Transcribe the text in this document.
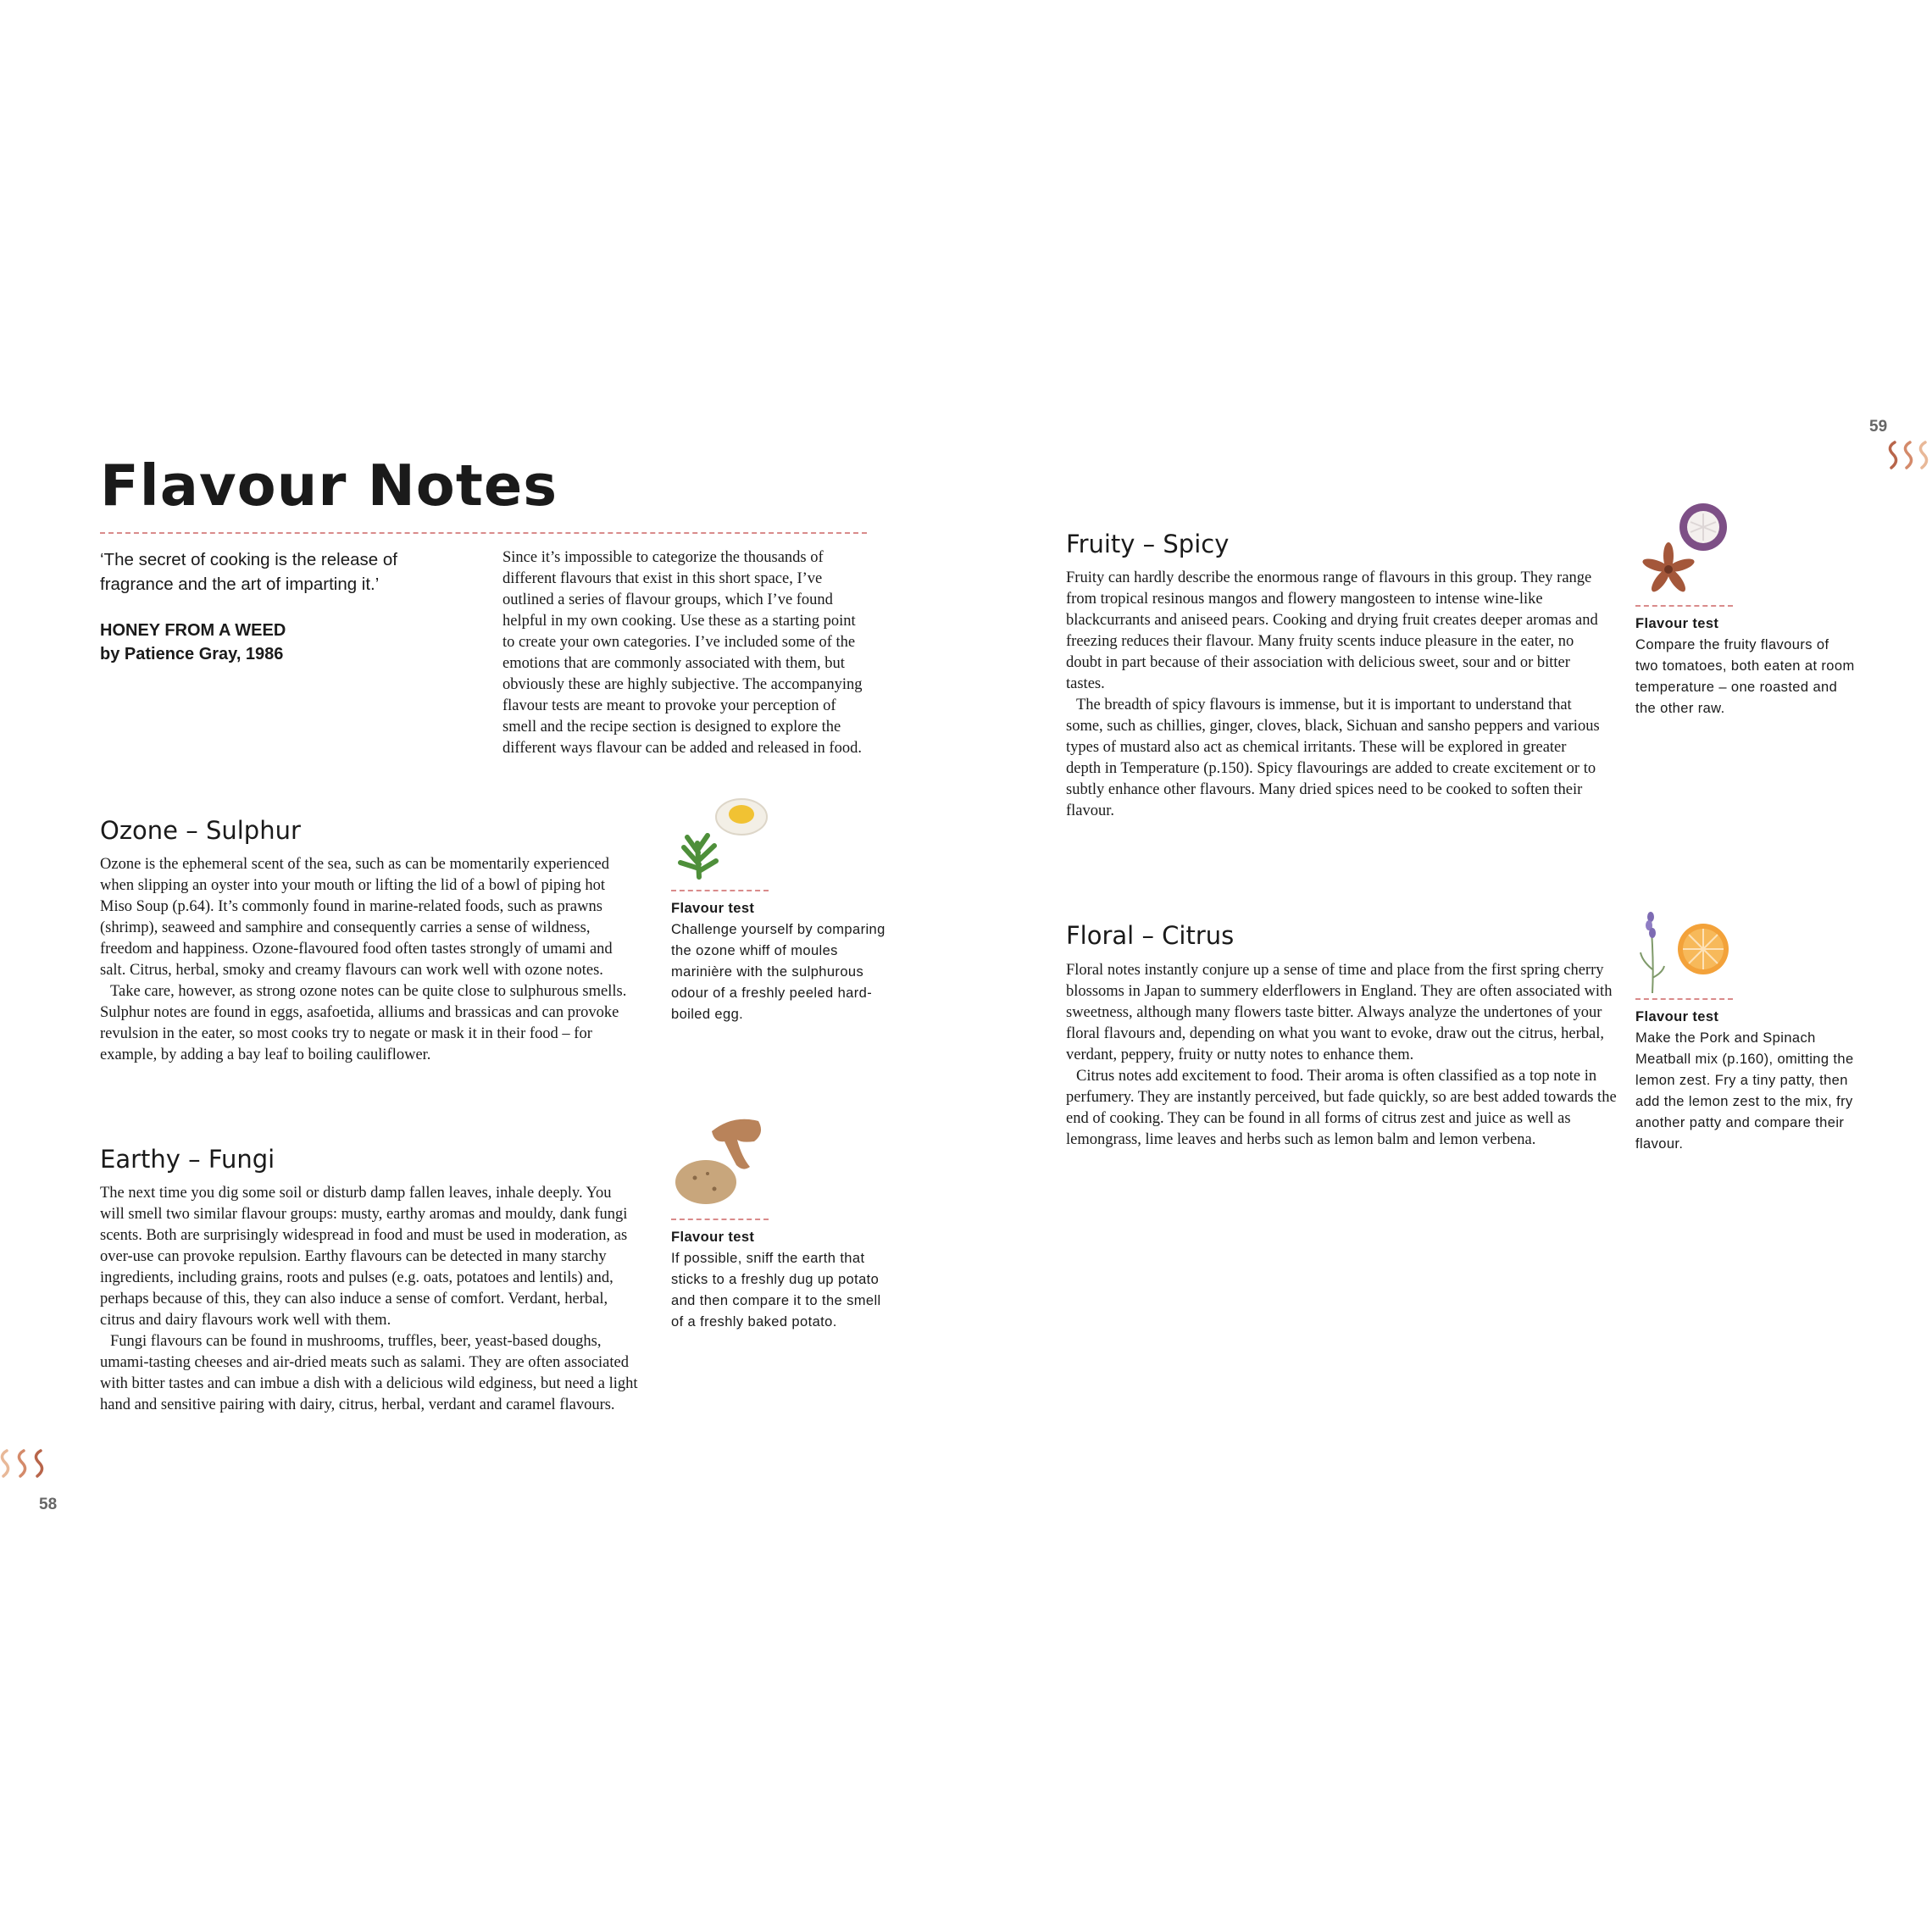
Flavour Notes
‘The secret of cooking is the release of fragrance and the art of imparting it.’
HONEY FROM A WEED
by Patience Gray, 1986
Since it’s impossible to categorize the thousands of different flavours that exist in this short space, I’ve outlined a series of flavour groups, which I’ve found helpful in my own cooking. Use these as a starting point to create your own categories. I’ve included some of the emotions that are commonly associated with them, but obviously these are highly subjective. The accompanying flavour tests are meant to provoke your perception of smell and the recipe section is designed to explore the different ways flavour can be added and released in food.
Ozone – Sulphur

Ozone is the ephemeral scent of the sea, such as can be momentarily experienced when slipping an oyster into your mouth or lifting the lid of a bowl of piping hot Miso Soup (p.64). It’s commonly found in marine-related foods, such as prawns (shrimp), seaweed and samphire and consequently carries a sense of wildness, freedom and happiness. Ozone-flavoured food often tastes strongly of umami and salt. Citrus, herbal, smoky and creamy flavours can work well with ozone notes.

Take care, however, as strong ozone notes can be quite close to sulphurous smells. Sulphur notes are found in eggs, asafoetida, alliums and brassicas and can provoke revulsion in the eater, so most cooks try to negate or mask it in their food – for example, by adding a bay leaf to boiling cauliflower.

Flavour test
Challenge yourself by comparing the ozone whiff of moules marinière with the sulphurous odour of a freshly peeled hard-boiled egg.
Earthy – Fungi

The next time you dig some soil or disturb damp fallen leaves, inhale deeply. You will smell two similar flavour groups: musty, earthy aromas and mouldy, dank fungi scents. Both are surprisingly widespread in food and must be used in moderation, as over-use can provoke repulsion. Earthy flavours can be detected in many starchy ingredients, including grains, roots and pulses (e.g. oats, potatoes and lentils) and, perhaps because of this, they can also induce a sense of comfort. Verdant, herbal, citrus and dairy flavours work well with them.

Fungi flavours can be found in mushrooms, truffles, beer, yeast-based doughs, umami-tasting cheeses and air-dried meats such as salami. They are often associated with bitter tastes and can imbue a dish with a delicious wild edginess, but need a light hand and sensitive pairing with dairy, citrus, herbal, verdant and caramel flavours.

Flavour test
If possible, sniff the earth that sticks to a freshly dug up potato and then compare it to the smell of a freshly baked potato.
Fruity – Spicy

Fruity can hardly describe the enormous range of flavours in this group. They range from tropical resinous mangos and flowery mangosteen to intense wine-like blackcurrants and aniseed pears. Cooking and drying fruit creates deeper aromas and freezing reduces their flavour. Many fruity scents induce pleasure in the eater, no doubt in part because of their association with delicious sweet, sour and or bitter tastes.

The breadth of spicy flavours is immense, but it is important to understand that some, such as chillies, ginger, cloves, black, Sichuan and sansho peppers and various types of mustard also act as chemical irritants. These will be explored in greater depth in Temperature (p.150). Spicy flavourings are added to create excitement or to subtly enhance other flavours. Many dried spices need to be cooked to soften their flavour.

Flavour test
Compare the fruity flavours of two tomatoes, both eaten at room temperature – one roasted and the other raw.
Floral – Citrus

Floral notes instantly conjure up a sense of time and place from the first spring cherry blossoms in Japan to summery elderflowers in England. They are often associated with sweetness, although many flowers taste bitter. Always analyze the undertones of your floral flavours and, depending on what you want to evoke, draw out the citrus, herbal, verdant, peppery, fruity or nutty notes to enhance them.

Citrus notes add excitement to food. Their aroma is often classified as a top note in perfumery. They are instantly perceived, but fade quickly, so are best added towards the end of cooking. They can be found in all forms of citrus zest and juice as well as lemongrass, lime leaves and herbs such as lemon balm and lemon verbena.

Flavour test
Make the Pork and Spinach Meatball mix (p.160), omitting the lemon zest. Fry a tiny patty, then add the lemon zest to the mix, fry another patty and compare their flavour.
59
58
